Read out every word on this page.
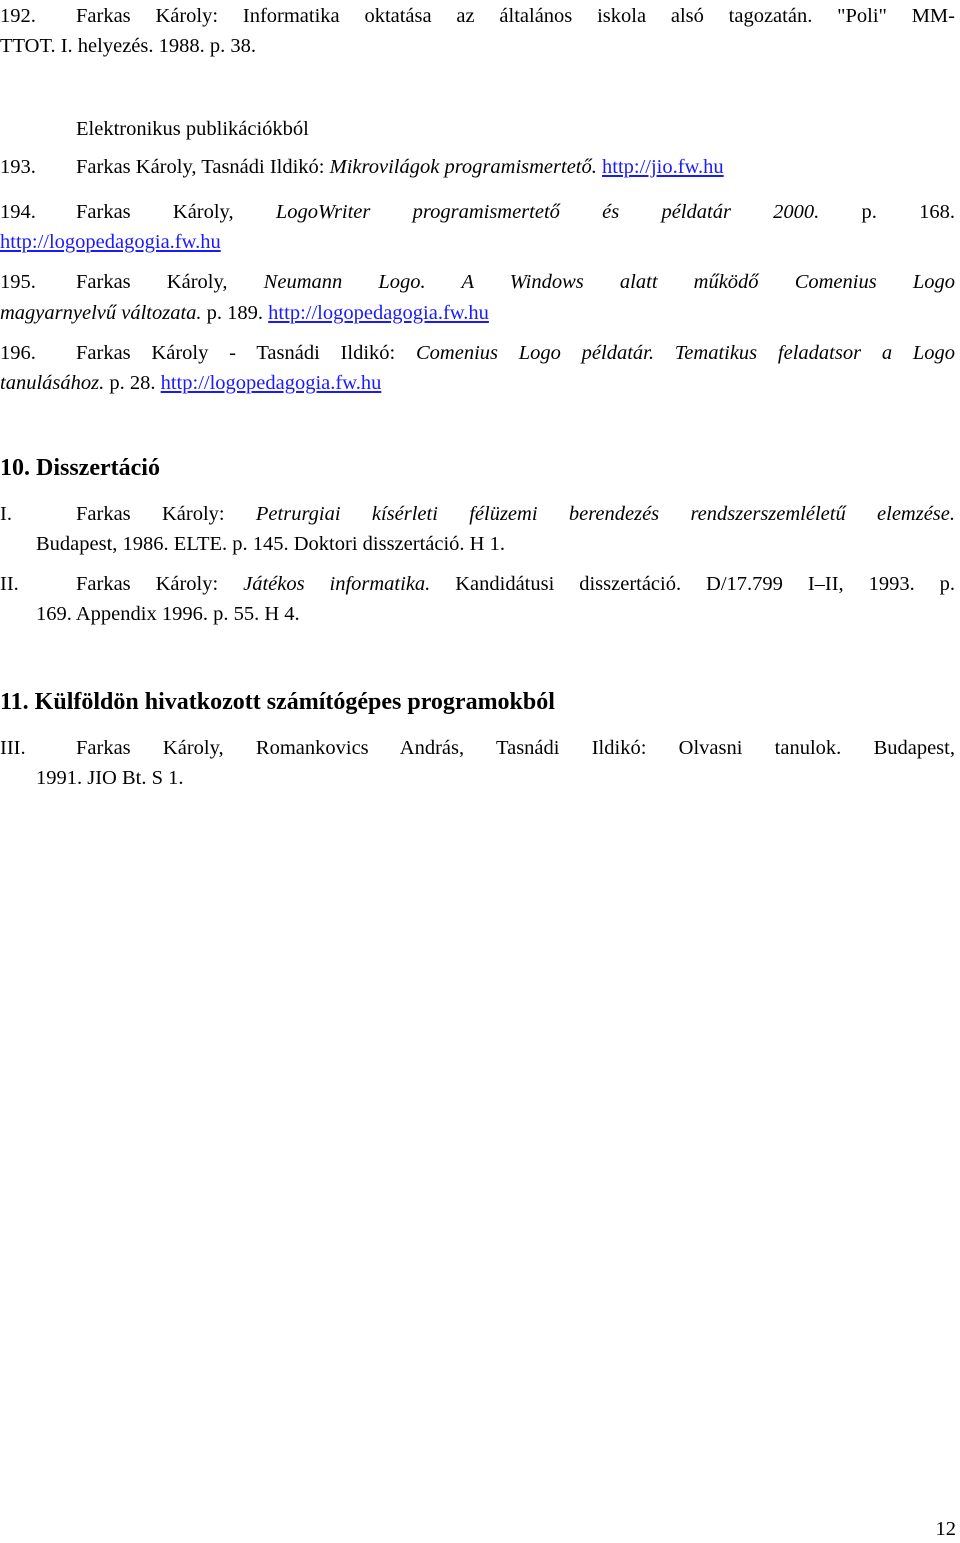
192. Farkas Károly: Informatika oktatása az általános iskola alsó tagozatán. "Poli" MM-
TTOT. I. helyezés. 1988. p. 38.
Elektronikus publikációkból
193. Farkas Károly, Tasnádi Ildikó: Mikrovilágok programismertető. http://jio.fw.hu
194. Farkas Károly, LogoWriter programismertető és példatár 2000. p. 168.
http://logopedagogia.fw.hu
195. Farkas Károly, Neumann Logo. A Windows alatt működő Comenius Logo
magyarnyelvű változata. p. 189. http://logopedagogia.fw.hu
196. Farkas Károly - Tasnádi Ildikó: Comenius Logo példatár. Tematikus feladatsor a Logo
tanulásához. p. 28. http://logopedagogia.fw.hu
10. Disszertáció
I.	Farkas Károly: Petrurgiai kísérleti félüzemi berendezés rendszerszemléletű elemzése.
Budapest, 1986. ELTE. p. 145. Doktori disszertáció. H 1.
II.	Farkas Károly: Játékos informatika. Kandidátusi disszertáció. D/17.799 I–II, 1993. p.
169. Appendix 1996. p. 55. H 4.
11. Külföldön hivatkozott számítógépes programokból
III. Farkas Károly, Romankovics András, Tasnádi Ildikó: Olvasni tanulok. Budapest,
1991. JIO Bt. S 1.
12
